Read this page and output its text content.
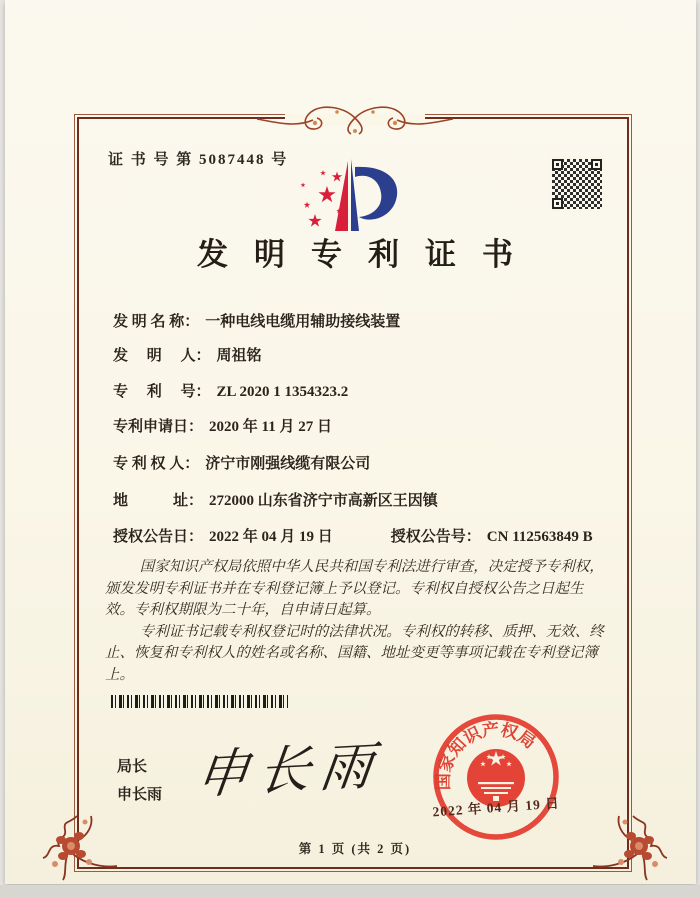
证 书 号 第 5087448 号
发明专利证书
发 明 名 称： 一种电线电缆用辅助接线装置
发　 明　 人： 周祖铭
专　 利　 号： ZL 2020 1 1354323.2
专利申请日： 2020 年 11 月 27 日
专 利 权 人： 济宁市刚强线缆有限公司
地　　　址： 272000 山东省济宁市高新区王因镇
授权公告日： 2022 年 04 月 19 日	授权公告号： CN 112563849 B

国家知识产权局依照中华人民共和国专利法进行审查，决定授予专利权，颁发发明专利证书并在专利登记簿上予以登记。专利权自授权公告之日起生效。专利权期限为二十年，自申请日起算。

专利证书记载专利权登记时的法律状况。专利权的转移、质押、无效、终止、恢复和专利权人的姓名或名称、国籍、地址变更等事项记载在专利登记簿上。

局长
申长雨 申长雨	国家知识产权局
2022 年 04 月 19 日
第 1 页 (共 2 页)
